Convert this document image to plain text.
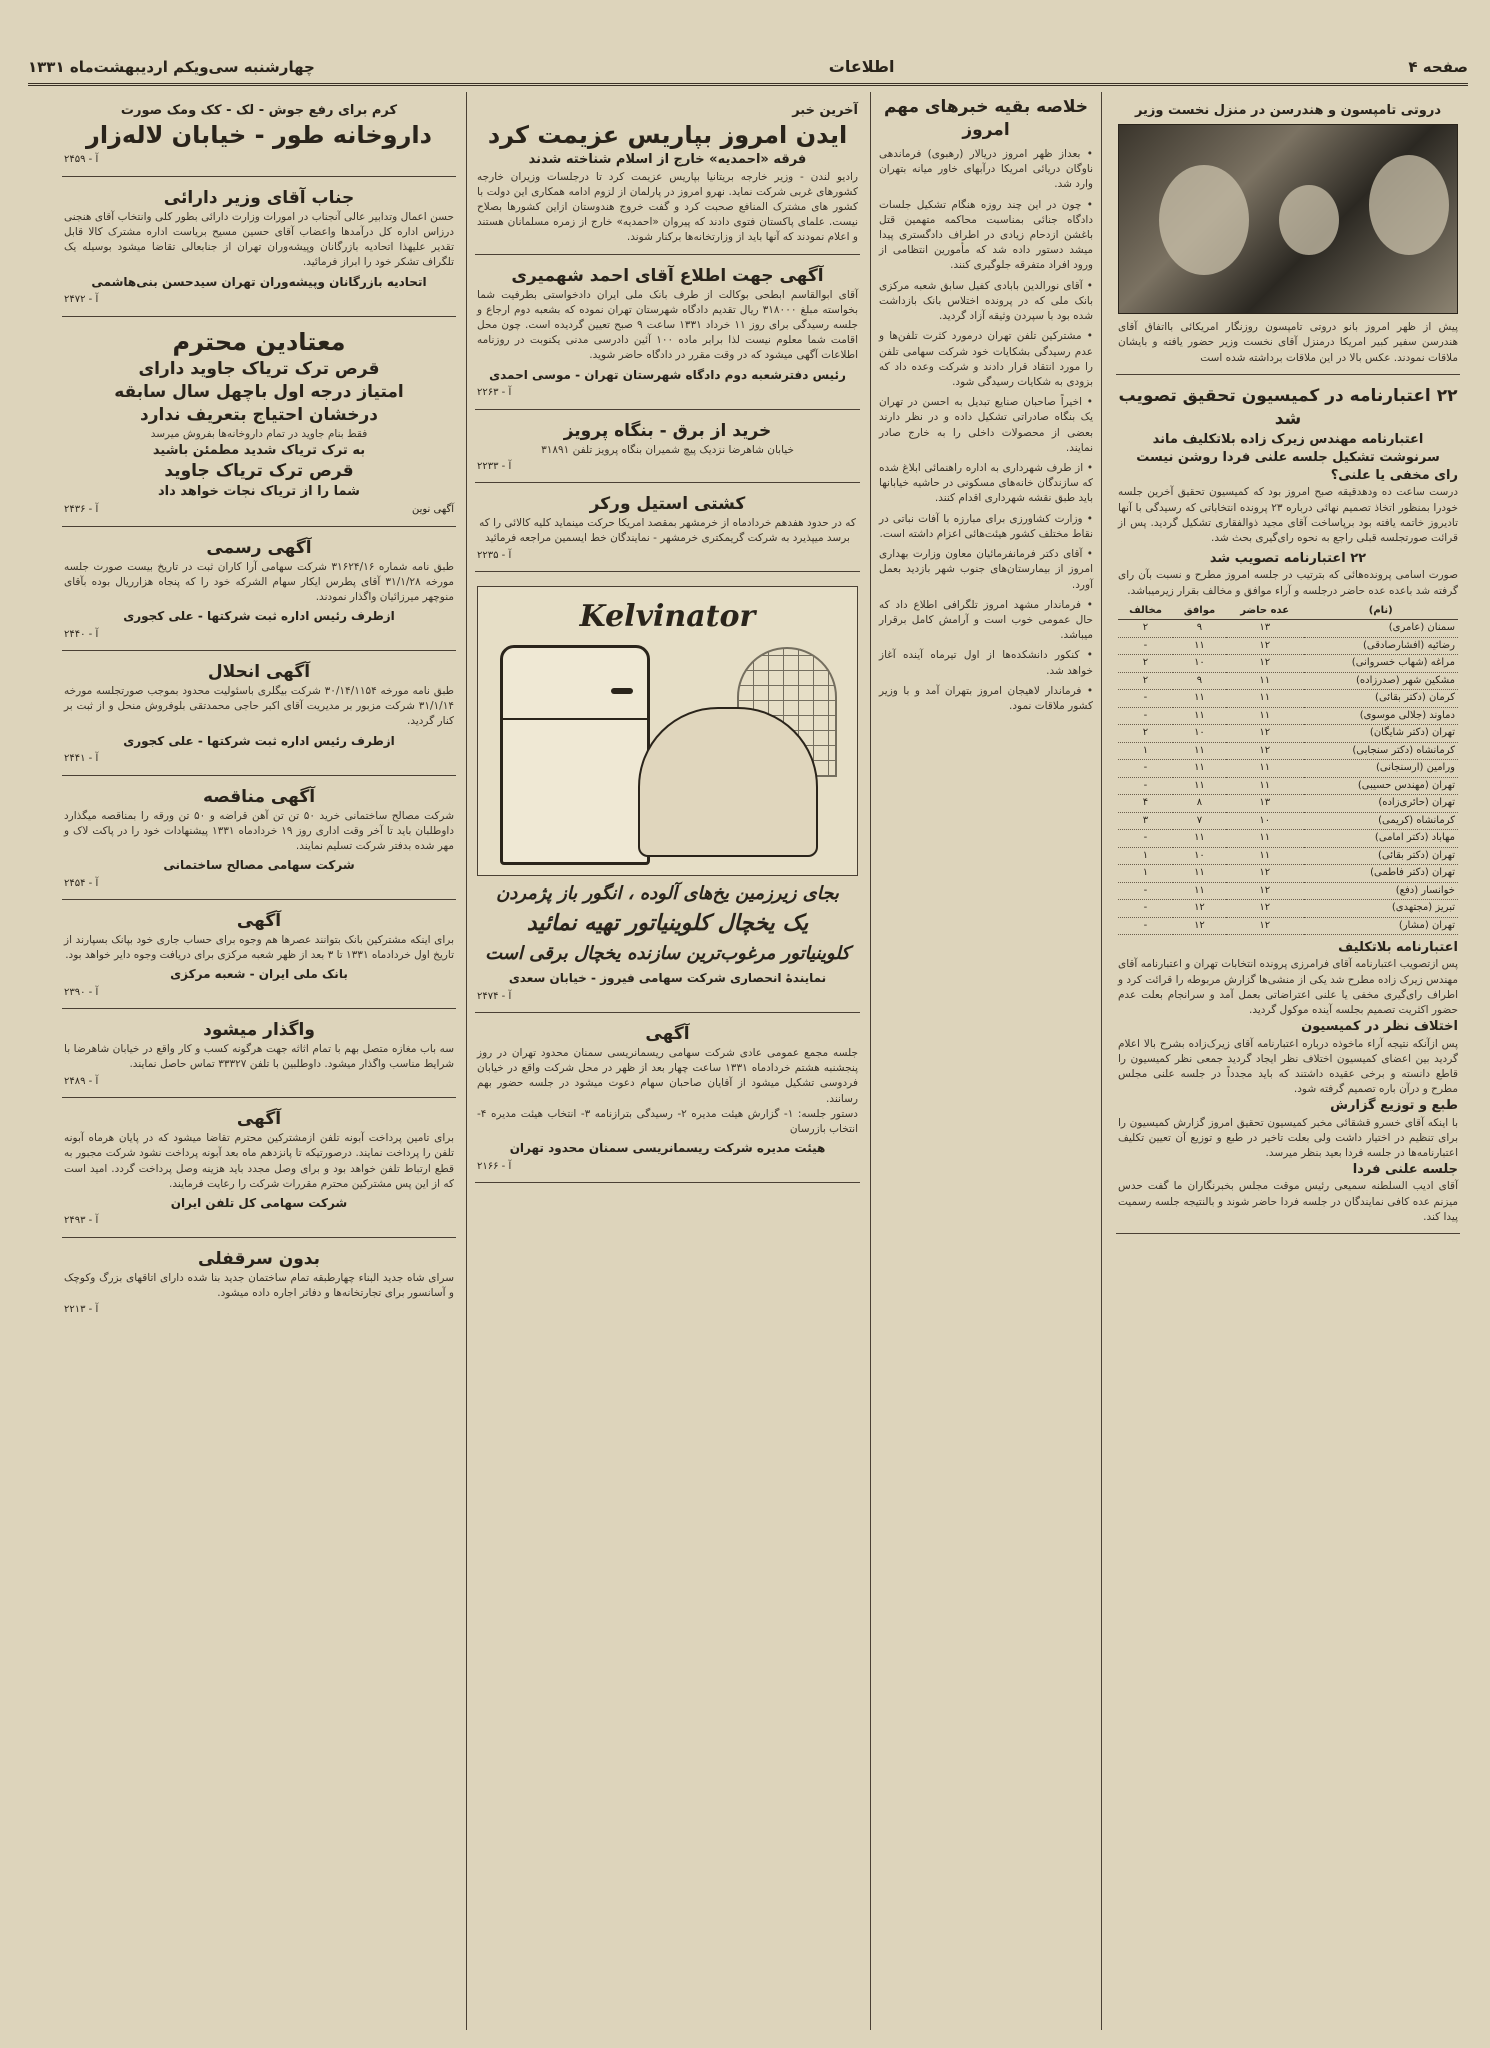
صفحه ۴
اطلاعات
چهارشنبه سی‌ویکم اردیبهشت‌ماه ۱۳۳۱
دروتی تامپسون و هندرسن در منزل نخست وزیر
پیش از ظهر امروز بانو دروتی تامپسون روزنگار امریکائی بااتفاق آقای هندرسن سفیر کبیر امریکا درمنزل آقای نخست وزیر حضور یافته و بایشان ملاقات نمودند. عکس بالا در این ملاقات برداشته شده است
۲۲ اعتبارنامه در کمیسیون تحقیق تصویب شد
اعتبارنامه مهندس زیرک زاده بلاتکلیف ماند
سرنوشت تشکیل جلسه علنی فردا روشن نیست
رای مخفی یا علنی؟
درست ساعت ده ودهدقیقه صبح امروز بود که کمیسیون تحقیق آخرین جلسه خودرا بمنظور اتخاذ تصمیم نهائی درباره ۲۳ پرونده انتخاباتی که رسیدگی با آنها تادیروز خاتمه یافته بود برپاساخت آقای مجید ذوالفقاری تشکیل گردید. پس از قرائت صورتجلسه قبلی راجع به نحوه رای‌گیری بحث شد.
۲۲ اعتبارنامه تصویب شد
صورت اسامی پرونده‌هائی که بترتیب در جلسه امروز مطرح و نسبت بآن رای گرفته شد باعده عده حاضر درجلسه و آراء موافق و مخالف بقرار زیرمیباشد.
(نام)	عده حاضر	موافق	مخالف
سمنان (عامری)	۱۳	۹	۲
رضائیه (افشارصادقی)	۱۲	۱۱	-
مراغه (شهاب خسروانی)	۱۲	۱۰	۲
مشکین شهر (صدرزاده)	۱۱	۹	۲
کرمان (دکتر بقائی)	۱۱	۱۱	-
دماوند (جلالی موسوی)	۱۱	۱۱	-
تهران (دکتر شایگان)	۱۲	۱۰	۲
کرمانشاه (دکتر سنجابی)	۱۲	۱۱	۱
ورامین (ارسنجانی)	۱۱	۱۱	-
تهران (مهندس حسیبی)	۱۱	۱۱	-
تهران (حائری‌زاده)	۱۳	۸	۴
کرمانشاه (کریمی)	۱۰	۷	۳
مهاباد (دکتر امامی)	۱۱	۱۱	-
تهران (دکتر بقائی)	۱۱	۱۰	۱
تهران (دکتر فاطمی)	۱۲	۱۱	۱
خوانسار (دفع)	۱۲	۱۱	-
تبریز (مجتهدی)	۱۲	۱۲	-
تهران (مشار)	۱۲	۱۲	-
اعتبارنامه بلاتکلیف
پس ازتصویب اعتبارنامه آقای فرامرزی پرونده انتخابات تهران و اعتبارنامه آقای مهندس زیرک زاده مطرح شد یکی از منشی‌ها گزارش مربوطه را قرائت کرد و اطراف رای‌گیری مخفی یا علنی اعتراضاتی بعمل آمد و سرانجام بعلت عدم حضور اکثریت تصمیم بجلسه آینده موکول گردید.
اختلاف نظر در کمیسیون
پس ازآنکه نتیجه آراء ماخوذه درباره اعتبارنامه آقای زیرک‌زاده بشرح بالا اعلام گردید بین اعضای کمیسیون اختلاف نظر ایجاد گردید جمعی نظر کمیسیون را قاطع دانسته و برخی عقیده داشتند که باید مجدداً در جلسه علنی مجلس مطرح و درآن باره تصمیم گرفته شود.
طبع و توزیع گزارش
با اینکه آقای خسرو قشقائی مخبر کمیسیون تحقیق امروز گزارش کمیسیون را برای تنظیم در اختیار داشت ولی بعلت تاخیر در طبع و توزیع آن تعیین تکلیف اعتبارنامه‌ها در جلسه فردا بعید بنظر میرسد.
جلسه علنی فردا
آقای ادیب السلطنه سمیعی رئیس موقت مجلس بخبرنگاران ما گفت حدس میزنم عده کافی نمایندگان در جلسه فردا حاضر شوند و بالنتیجه جلسه رسمیت پیدا کند.
خلاصه بقیه خبرهای مهم امروز
• بعداز ظهر امروز دریالار (رهبوی) فرماندهی ناوگان دریائی امریکا درآبهای خاور میانه بتهران وارد شد.
• چون در این چند روزه هنگام تشکیل جلسات دادگاه جنائی بمناسبت محاکمه متهمین قتل باغشن ازدحام زیادی در اطراف دادگستری پیدا میشد دستور داده شد که مأمورین انتظامی از ورود افراد متفرقه جلوگیری کنند.
• آقای نورالدین بابادی کفیل سابق شعبه مرکزی بانک ملی که در پرونده اختلاس بانک بازداشت شده بود با سپردن وثیقه آزاد گردید.
• مشترکین تلفن تهران درمورد کثرت تلفن‌ها و عدم رسیدگی بشکایات خود شرکت سهامی تلفن را مورد انتقاد قرار دادند و شرکت وعده داد که بزودی به شکایات رسیدگی شود.
• اخیراً صاحبان صنایع تبدیل به احسن در تهران یک بنگاه صادراتی تشکیل داده و در نظر دارند بعضی از محصولات داخلی را به خارج صادر نمایند.
• از طرف شهرداری به اداره راهنمائی ابلاغ شده که سازندگان خانه‌های مسکونی در حاشیه خیابانها باید طبق نقشه شهرداری اقدام کنند.
• وزارت کشاورزی برای مبارزه با آفات نباتی در نقاط مختلف کشور هیئت‌هائی اعزام داشته است.
• آقای دکتر فرمانفرمائیان معاون وزارت بهداری امروز از بیمارستان‌های جنوب شهر بازدید بعمل آورد.
• فرماندار مشهد امروز تلگرافی اطلاع داد که حال عمومی خوب است و آرامش کامل برقرار میباشد.
• کنکور دانشکده‌ها از اول تیرماه آینده آغاز خواهد شد.
• فرماندار لاهیجان امروز بتهران آمد و با وزیر کشور ملاقات نمود.
آخرین خبر
ایدن امروز بپاریس عزیمت کرد
فرقه «احمدیه» خارج از اسلام شناخته شدند
رادیو لندن - وزیر خارجه بریتانیا بپاریس عزیمت کرد تا درجلسات وزیران خارجه کشورهای غربی شرکت نماید. نهرو امروز در پارلمان از لزوم ادامه همکاری این دولت با کشور های مشترک المنافع صحبت کرد و گفت خروج هندوستان ازاین کشورها بصلاح نیست. علمای پاکستان فتوی دادند که پیروان «احمدیه» خارج از زمره مسلمانان هستند و اعلام نمودند که آنها باید از وزارتخانه‌ها برکنار شوند.
آگهی جهت اطلاع آقای احمد شهمیری
آقای ابوالقاسم ابطحی بوکالت از طرف بانک ملی ایران دادخواستی بطرفیت شما بخواسته مبلغ ۳۱۸۰۰۰ ریال تقدیم دادگاه شهرستان تهران نموده که بشعبه دوم ارجاع و جلسه رسیدگی برای روز ۱۱ خرداد ۱۳۳۱ ساعت ۹ صبح تعیین گردیده است. چون محل اقامت شما معلوم نیست لذا برابر ماده ۱۰۰ آئین دادرسی مدنی یکنوبت در روزنامه اطلاعات آگهی میشود که در وقت مقرر در دادگاه حاضر شوید.
رئیس دفترشعبه دوم دادگاه شهرستان تهران - موسی احمدی
آ - ۲۲۶۳
خرید از برق - بنگاه پرویز
خیابان شاهرضا نزدیک پیچ شمیران بنگاه پرویز تلفن ۳۱۸۹۱
آ - ۲۲۳۳
کشتی استیل ورکر
که در حدود هفدهم خردادماه از خرمشهر بمقصد امریکا حرکت مینماید کلیه کالائی را که برسد میپذیرد به شرکت گریمکتری خرمشهر - نمایندگان خط ایسمین مراجعه فرمائید
آ - ۲۲۳۵
Kelvinator
بجای زیرزمین یخ‌های آلوده ، انگور باز پژمردن
یک یخچال کلوینیاتور تهیه نمائید
کلوینیاتور مرغوب‌ترین سازنده یخچال برقی است
نمایندهٔ انحصاری شرکت سهامی فیروز - خیابان سعدی
آ - ۲۴۷۴
آگهی
جلسه مجمع عمومی عادی شرکت سهامی ریسمانریسی سمنان محدود تهران در روز پنجشنبه هشتم خردادماه ۱۳۳۱ ساعت چهار بعد از ظهر در محل شرکت واقع در خیابان فردوسی تشکیل میشود از آقایان صاحبان سهام دعوت میشود در جلسه حضور بهم رسانند.
دستور جلسه: ۱- گزارش هیئت مدیره ۲- رسیدگی بترازنامه ۳- انتخاب هیئت مدیره ۴- انتخاب بازرسان
هیئت مدیره شرکت ریسمانریسی سمنان محدود تهران
آ - ۲۱۶۶
کرم برای رفع جوش - لک - کک ومک صورت
داروخانه طور - خیابان لاله‌زار
آ - ۲۴۵۹
جناب آقای وزیر دارائی
حسن اعمال وتدابیر عالی آنجناب در امورات وزارت دارائی بطور کلی وانتخاب آقای هنجنی درزاس اداره کل درآمدها واعضاب آقای حسین مسیح بریاست اداره مشترک کالا قابل تقدیر علیهذا اتحادیه بازرگانان وپیشه‌وران تهران از جنابعالی تقاضا میشود بوسیله یک تلگراف تشکر خود را ابراز فرمائید.
اتحادیه بازرگانان وپیشه‌وران تهران سیدحسن بنی‌هاشمی
آ - ۲۴۷۲
معتادین محترم
قرص ترک تریاک جاوید دارای
امتیاز درجه اول باچهل سال سابقه
درخشان احتیاج بتعریف ندارد
فقط بنام جاوید در تمام داروخانه‌ها بفروش میرسد
به ترک تریاک شدید مطمئن باشید
قرص ترک تریاک جاوید
شما را از تریاک نجات خواهد داد
آگهی نوین
آ - ۲۴۳۶
آگهی رسمی
طبق نامه شماره ۳۱۶۲۴/۱۶ شرکت سهامی آرا کاران ثبت در تاریخ بیست صورت جلسه مورخه ۳۱/۱/۲۸ آقای پطرس ایکار سهام الشرکه خود را که پنجاه هزارریال بوده بآقای منوچهر میرزائیان واگذار نمودند.
ازطرف رئیس اداره ثبت شرکتها - علی کجوری
آ - ۲۴۴۰
آگهی انحلال
طبق نامه مورخه ۳۰/۱۴/۱۱۵۴ شرکت بیگلری باسئولیت محدود بموجب صورتجلسه مورخه ۳۱/۱/۱۴ شرکت مزبور بر مدیریت آقای اکبر حاجی محمدتقی بلوفروش منحل و از ثبت بر کنار گردید.
ازطرف رئیس اداره ثبت شرکتها - علی کجوری
آ - ۲۴۴۱
آگهی مناقصه
شرکت مصالح ساختمانی خرید ۵۰ تن تن آهن قراضه و ۵۰ تن ورقه را بمناقصه میگذارد داوطلبان باید تا آخر وقت اداری روز ۱۹ خردادماه ۱۳۳۱ پیشنهادات خود را در پاکت لاک و مهر شده بدفتر شرکت تسلیم نمایند.
شرکت سهامی مصالح ساختمانی
آ - ۲۴۵۴
آگهی
برای اینکه مشترکین بانک بتوانند عصرها هم وجوه برای حساب جاری خود بپانک بسپارند از تاریخ اول خردادماه ۱۳۳۱ تا ۳ بعد از ظهر شعبه مرکزی برای دریافت وجوه دایر خواهد بود.
بانک ملی ایران - شعبه مرکزی
آ - ۲۳۹۰
واگذار میشود
سه باب مغازه متصل بهم با تمام اثاثه جهت هرگونه کسب و کار واقع در خیابان شاهرضا با شرایط مناسب واگذار میشود. داوطلبین با تلفن ۳۳۳۲۷ تماس حاصل نمایند.
آ - ۲۴۸۹
آگهی
برای تامین پرداخت آبونه تلفن ازمشترکین محترم تقاضا میشود که در پایان هرماه آبونه تلفن را پرداخت نمایند. درصورتیکه تا پانزدهم ماه بعد آبونه پرداخت نشود شرکت مجبور به قطع ارتباط تلفن خواهد بود و برای وصل مجدد باید هزینه وصل پرداخت گردد. امید است که از این پس مشترکین محترم مقررات شرکت را رعایت فرمایند.
شرکت سهامی کل تلفن ایران
آ - ۲۴۹۳
بدون سرقفلی
سرای شاه جدید البناء چهارطبقه تمام ساختمان جدید بنا شده دارای اتاقهای بزرگ وکوچک و آسانسور برای تجارتخانه‌ها و دفاتر اجاره داده میشود.
آ - ۲۲۱۳
